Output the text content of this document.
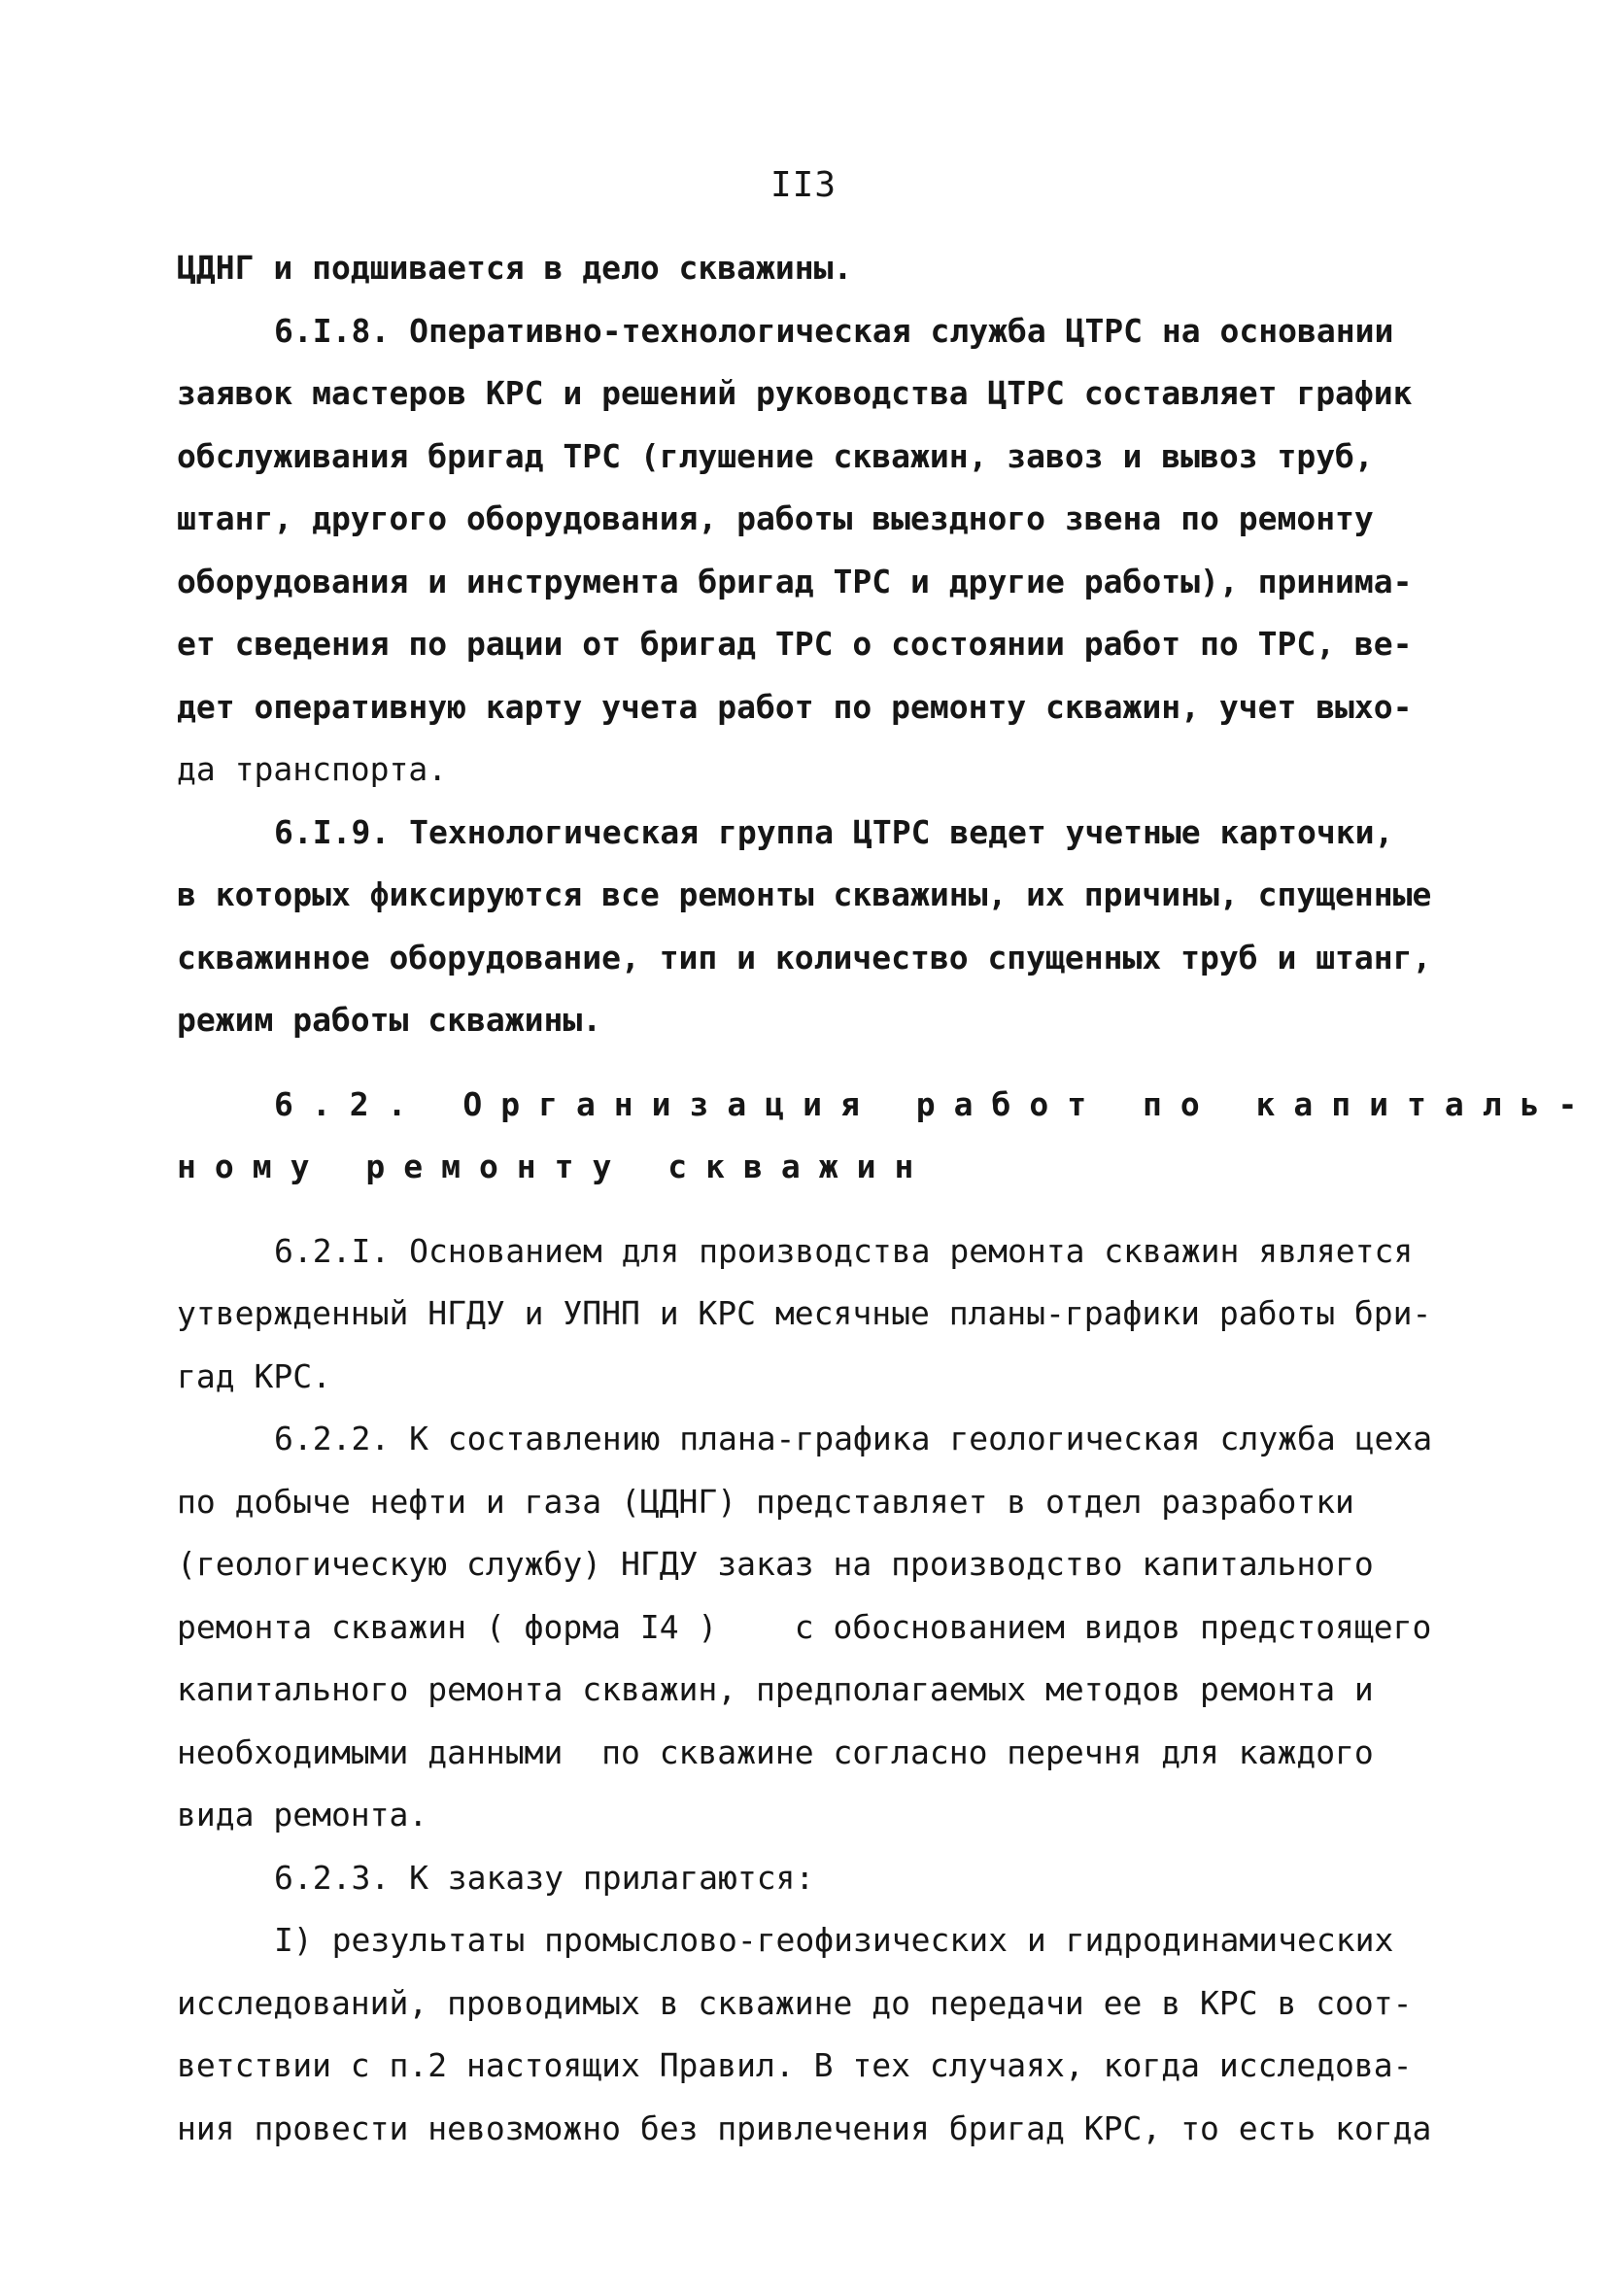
II3
ЦДНГ и подшивается в дело скважины.
6.I.8. Оперативно-технологическая служба ЦТРС на основании
заявок мастеров КРС и решений руководства ЦТРС составляет график
обслуживания бригад ТРС (глушение скважин, завоз и вывоз труб,
штанг, другого оборудования, работы выездного звена по ремонту
оборудования и инструмента бригад ТРС и другие работы), принима-
ет сведения по рации от бригад ТРС о состоянии работ по ТРС, ве-
дет оперативную карту учета работ по ремонту скважин, учет выхо-
да транспорта.
6.I.9. Технологическая группа ЦТРС ведет учетные карточки,
в которых фиксируются все ремонты скважины, их причины, спущенные
скважинное оборудование, тип и количество спущенных труб и штанг,
режим работы скважины.
6.2. Организация работ по капиталь-
ному ремонту скважин
6.2.I. Основанием для производства ремонта скважин является
утвержденный НГДУ и УПНП и КРС месячные планы-графики работы бри-
гад КРС.
6.2.2. К составлению плана-графика геологическая служба цеха
по добыче нефти и газа (ЦДНГ) представляет в отдел разработки
(геологическую службу) НГДУ заказ на производство капитального
ремонта скважин ( форма I4 )    с обоснованием видов предстоящего
капитального ремонта скважин, предполагаемых методов ремонта и
необходимыми данными  по скважине согласно перечня для каждого
вида ремонта.
6.2.3. К заказу прилагаются:
I) результаты промыслово-геофизических и гидродинамических
исследований, проводимых в скважине до передачи ее в КРС в соот-
ветствии с п.2 настоящих Правил. В тех случаях, когда исследова-
ния провести невозможно без привлечения бригад КРС, то есть когда
